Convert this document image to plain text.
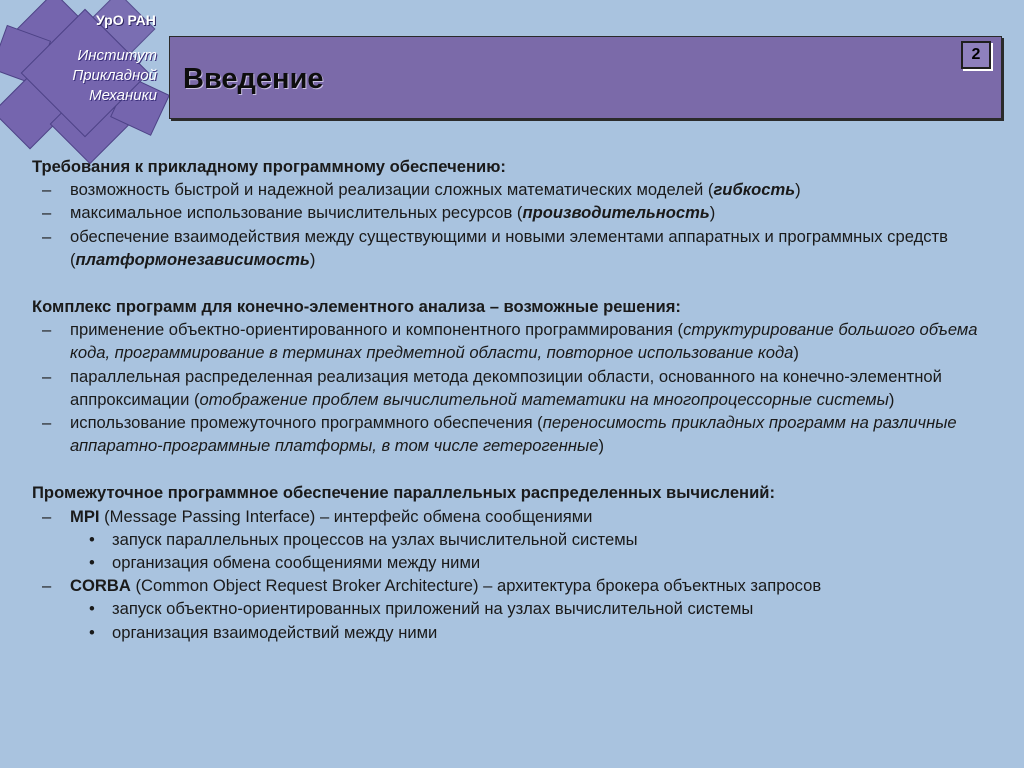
УрО РАН
Институт
Прикладной
Механики
Введение
2
Требования к прикладному программному обеспечению:
– возможность быстрой и надежной реализации сложных математических моделей (гибкость)
– максимальное использование вычислительных ресурсов (производительность)
– обеспечение взаимодействия между существующими и новыми элементами аппаратных и программных средств (платформонезависимость)
Комплекс программ для конечно-элементного анализа – возможные решения:
– применение объектно-ориентированного и компонентного программирования (структурирование большого объема кода, программирование в терминах предметной области, повторное использование кода)
– параллельная распределенная реализация метода декомпозиции области, основанного на конечно-элементной аппроксимации (отображение проблем вычислительной математики на многопроцессорные системы)
– использование промежуточного программного обеспечения (переносимость прикладных программ на различные аппаратно-программные платформы, в том числе гетерогенные)
Промежуточное программное обеспечение параллельных распределенных вычислений:
– MPI (Message Passing Interface) – интерфейс обмена сообщениями
• запуск параллельных процессов на узлах вычислительной системы
• организация обмена сообщениями между ними
– CORBA (Common Object Request Broker Architecture) – архитектура брокера объектных запросов
• запуск объектно-ориентированных приложений на узлах вычислительной системы
• организация взаимодействий между ними
